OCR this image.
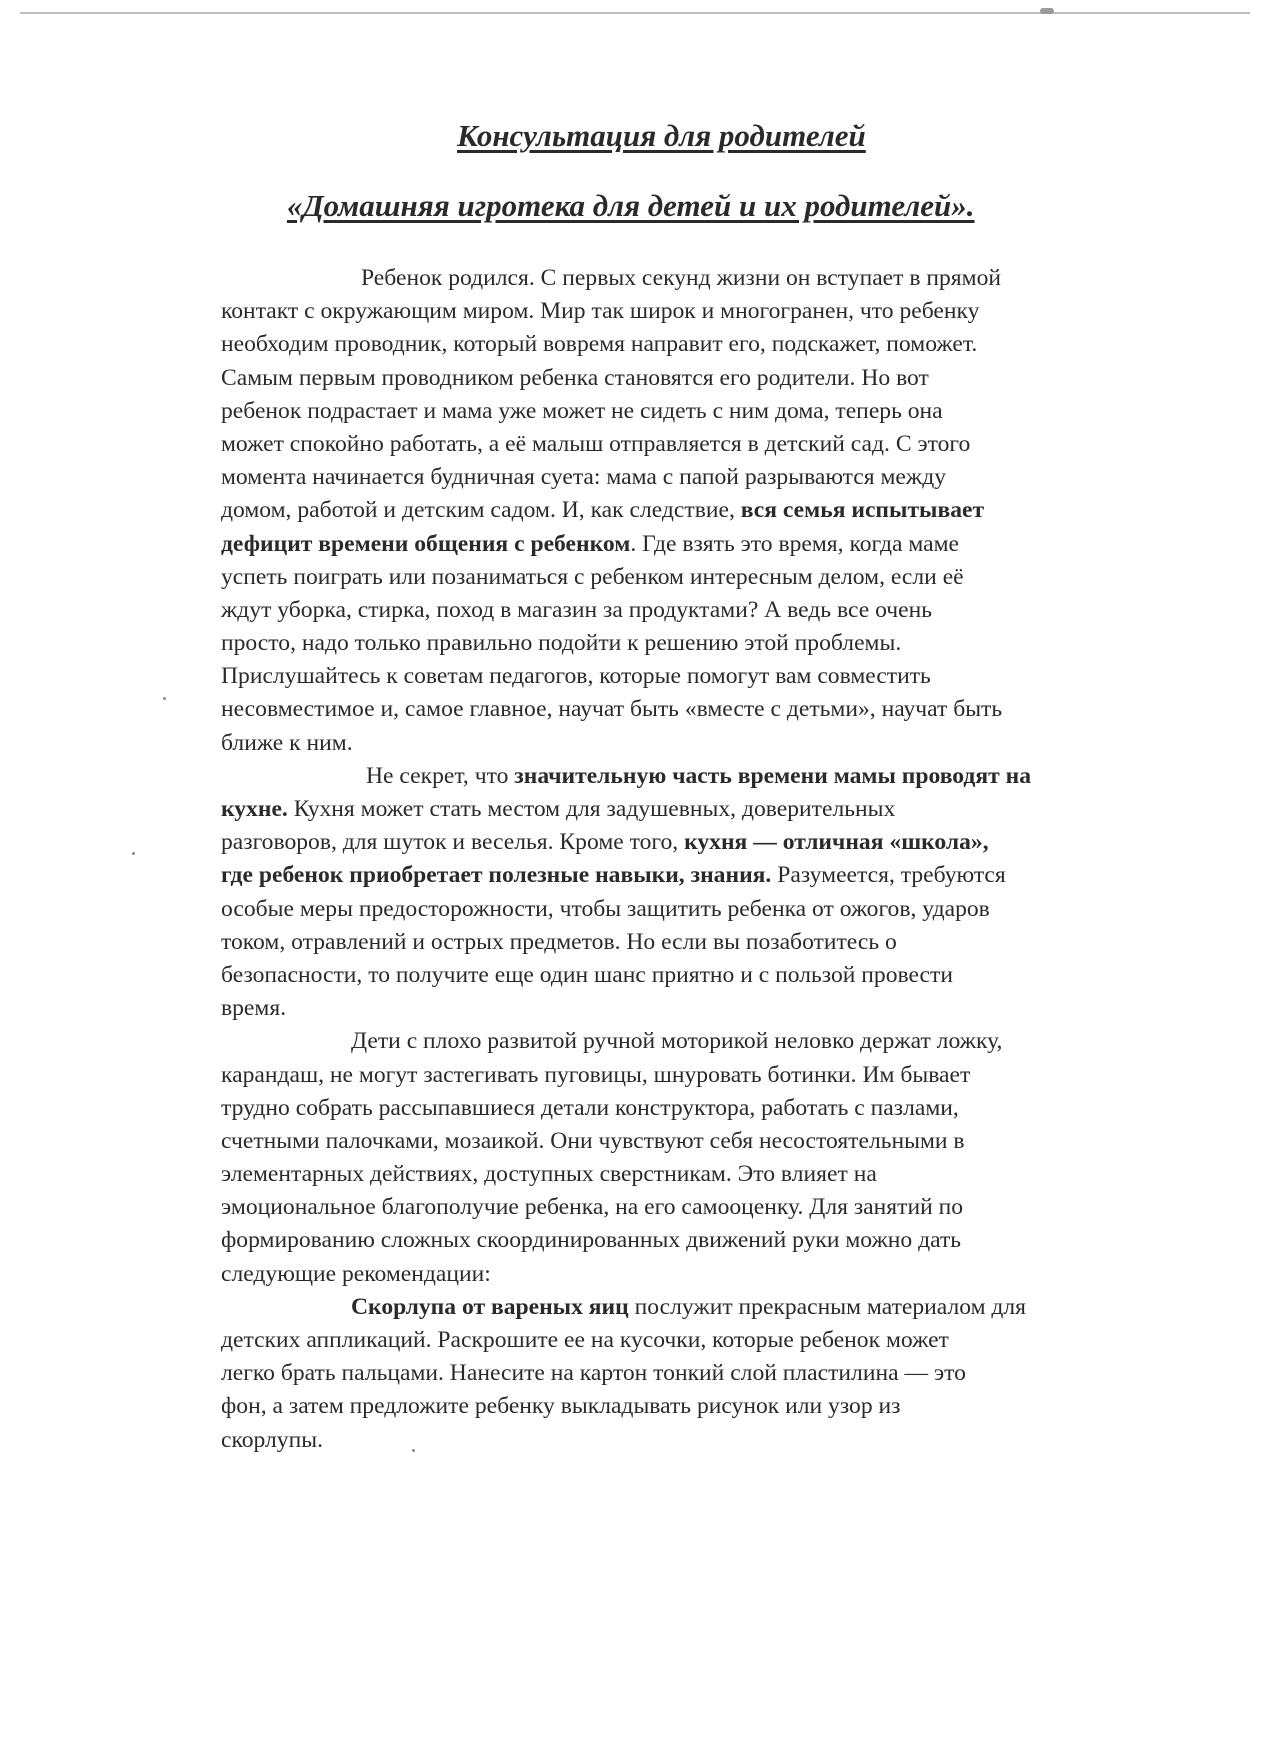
Консультация для родителей
«Домашняя игротека для детей и их родителей».
Ребенок родился. С первых секунд жизни он вступает в прямой
контакт с окружающим миром. Мир так широк и многогранен, что ребенку
необходим проводник, который вовремя направит его, подскажет, поможет.
Самым первым проводником ребенка становятся его родители. Но вот
ребенок подрастает и мама уже может не сидеть с ним дома, теперь она
может спокойно работать, а её малыш отправляется в детский сад. С этого
момента начинается будничная суета: мама с папой разрываются между
домом, работой и детским садом. И, как следствие, вся семья испытывает
дефицит времени общения с ребенком. Где взять это время, когда маме
успеть поиграть или позаниматься с ребенком интересным делом, если её
ждут уборка, стирка, поход в магазин за продуктами? А ведь все очень
просто, надо только правильно подойти к решению этой проблемы.
Прислушайтесь к советам педагогов, которые помогут вам совместить
несовместимое и, самое главное, научат быть «вместе с детьми», научат быть
ближе к ним.
Не секрет, что значительную часть времени мамы проводят на
кухне. Кухня может стать местом для задушевных, доверительных
разговоров, для шуток и веселья. Кроме того, кухня — отличная «школа»,
где ребенок приобретает полезные навыки, знания. Разумеется, требуются
особые меры предосторожности, чтобы защитить ребенка от ожогов, ударов
током, отравлений и острых предметов. Но если вы позаботитесь о
безопасности, то получите еще один шанс приятно и с пользой провести
время.
Дети с плохо развитой ручной моторикой неловко держат ложку,
карандаш, не могут застегивать пуговицы, шнуровать ботинки. Им бывает
трудно собрать рассыпавшиеся детали конструктора, работать с пазлами,
счетными палочками, мозаикой. Они чувствуют себя несостоятельными в
элементарных действиях, доступных сверстникам. Это влияет на
эмоциональное благополучие ребенка, на его самооценку. Для занятий по
формированию сложных скоординированных движений руки можно дать
следующие рекомендации:
Скорлупа от вареных яиц послужит прекрасным материалом для
детских аппликаций. Раскрошите ее на кусочки, которые ребенок может
легко брать пальцами. Нанесите на картон тонкий слой пластилина — это
фон, а затем предложите ребенку выкладывать рисунок или узор из
скорлупы.
